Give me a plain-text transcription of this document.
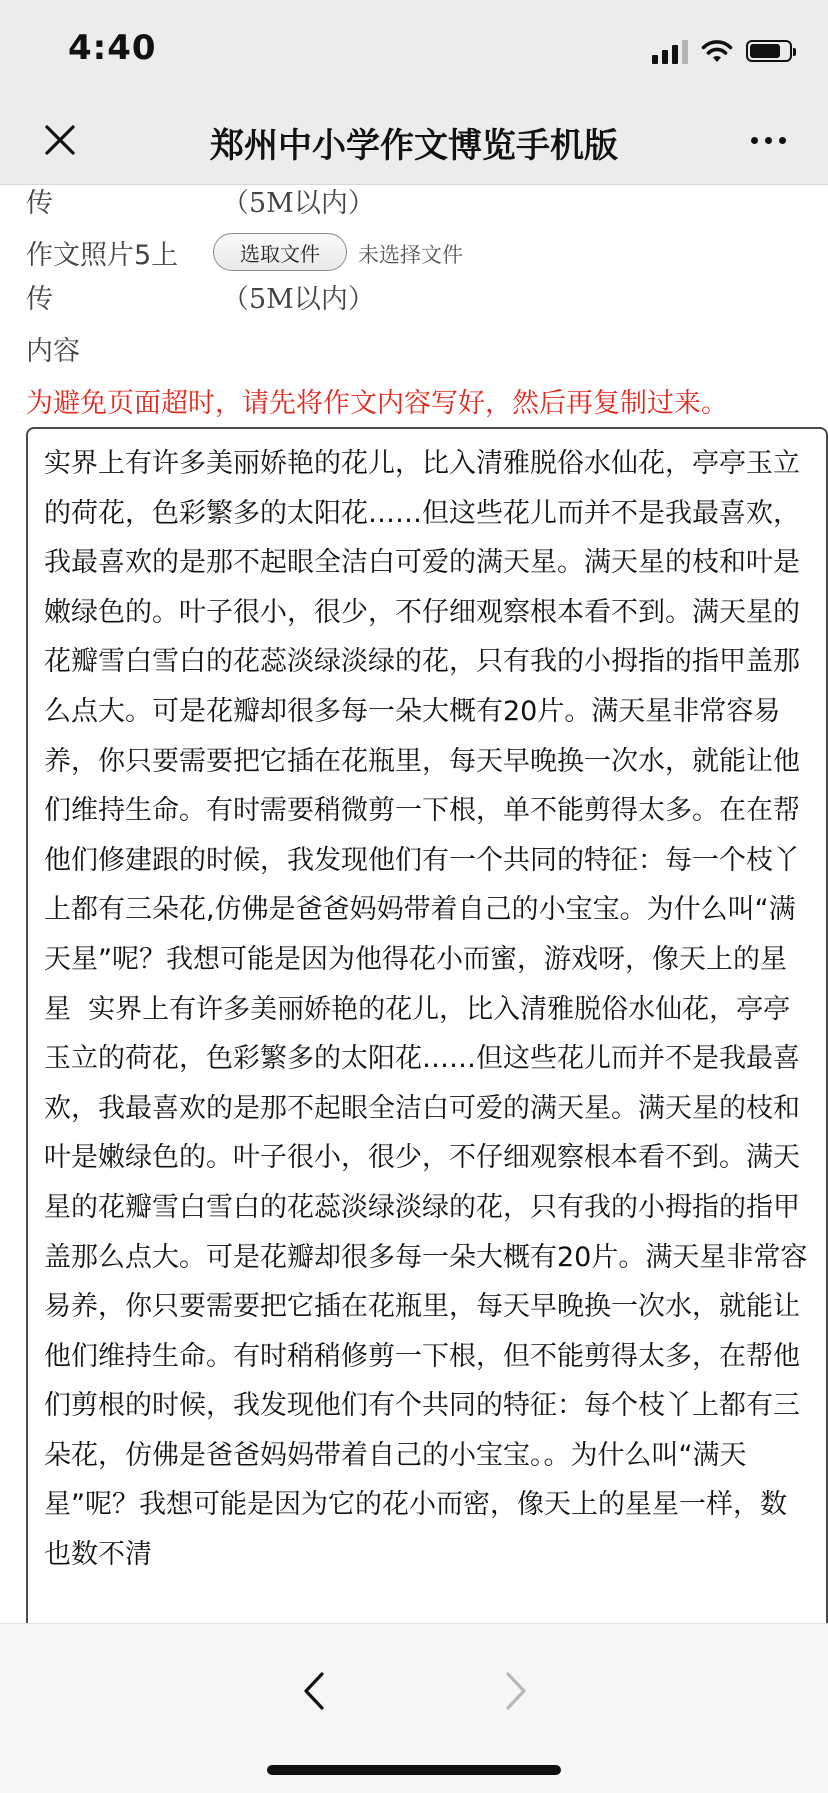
4:40
郑州中小学作文博览手机版
传	（5M以内）
作文照片5上	选取文件	未选择文件
传	（5M以内）
内容
为避免页面超时，请先将作文内容写好，然后再复制过来。
实界上有许多美丽娇艳的花儿，比入清雅脱俗水仙花，亭亭玉立的荷花，色彩繁多的太阳花……但这些花儿而并不是我最喜欢，我最喜欢的是那不起眼全洁白可爱的满天星。满天星的枝和叶是嫩绿色的。叶子很小，很少，不仔细观察根本看不到。满天星的花瓣雪白雪白的花蕊淡绿淡绿的花，只有我的小拇指的指甲盖那么点大。可是花瓣却很多每一朵大概有20片。满天星非常容易养，你只要需要把它插在花瓶里，每天早晚换一次水，就能让他们维持生命。有时需要稍微剪一下根，单不能剪得太多。在在帮他们修建跟的时候，我发现他们有一个共同的特征：每一个枝丫上都有三朵花,仿佛是爸爸妈妈带着自己的小宝宝。为什么叫“满天星”呢？我想可能是因为他得花小而蜜，游戏呀，像天上的星星  实界上有许多美丽娇艳的花儿，比入清雅脱俗水仙花，亭亭玉立的荷花，色彩繁多的太阳花……但这些花儿而并不是我最喜欢，我最喜欢的是那不起眼全洁白可爱的满天星。满天星的枝和叶是嫩绿色的。叶子很小，很少，不仔细观察根本看不到。满天星的花瓣雪白雪白的花蕊淡绿淡绿的花，只有我的小拇指的指甲盖那么点大。可是花瓣却很多每一朵大概有20片。满天星非常容易养，你只要需要把它插在花瓶里，每天早晚换一次水，就能让他们维持生命。有时稍稍修剪一下根，但不能剪得太多，在帮他们剪根的时候，我发现他们有个共同的特征：每个枝丫上都有三朵花，仿佛是爸爸妈妈带着自己的小宝宝。。为什么叫“满天星”呢？我想可能是因为它的花小而密，像天上的星星一样，数也数不清
